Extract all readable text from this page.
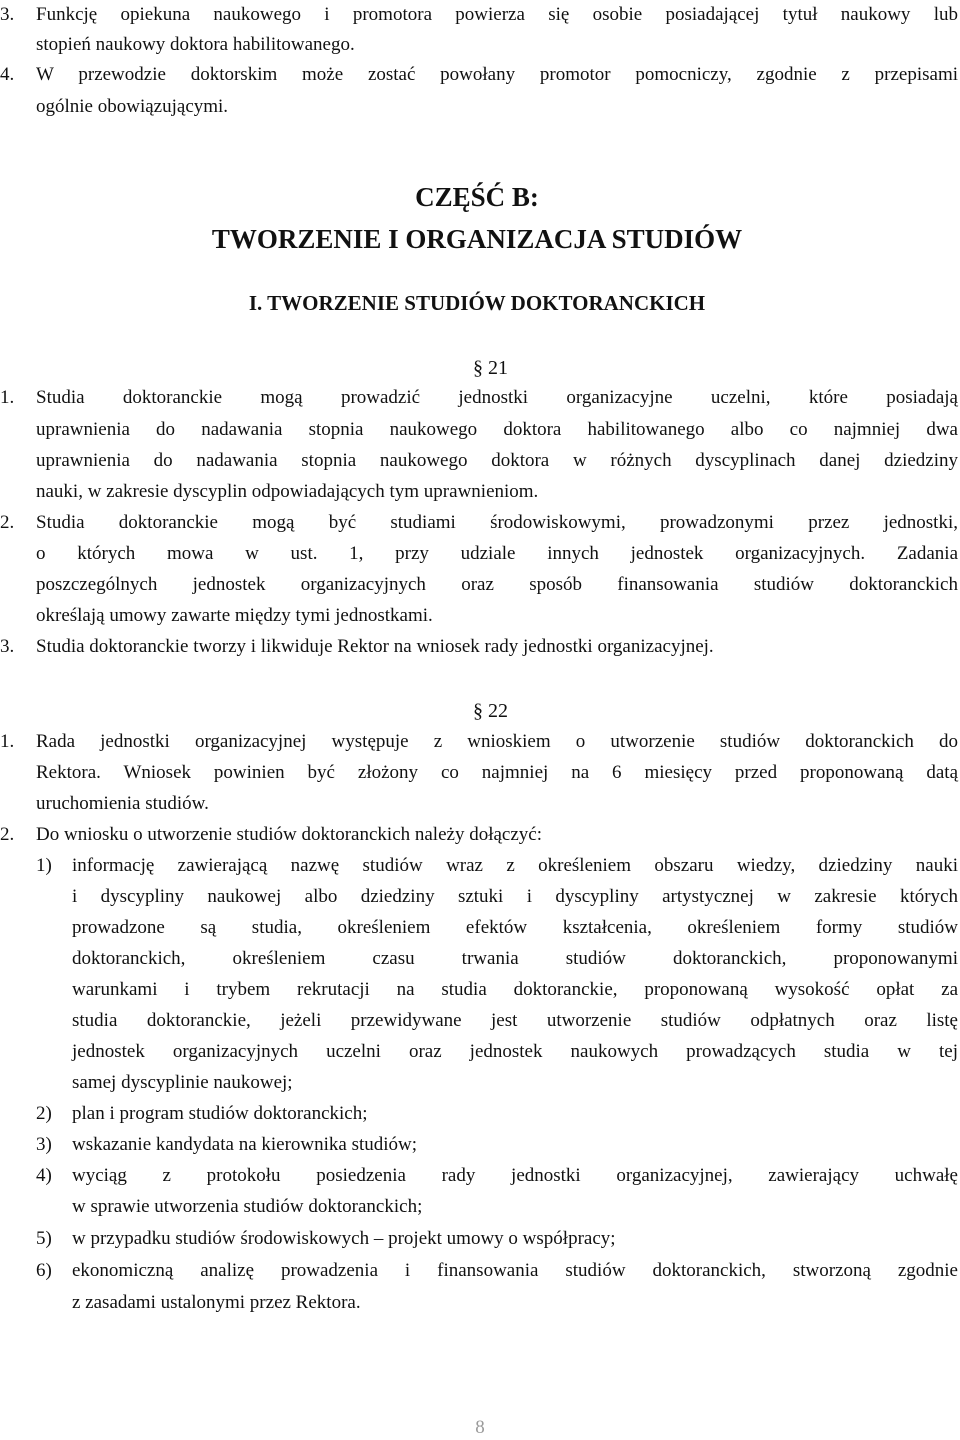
3.	Funkcję opiekuna naukowego i promotora powierza się osobie posiadającej tytuł naukowy lub
stopień naukowy doktora habilitowanego.
4.	W przewodzie doktorskim może zostać powołany promotor pomocniczy, zgodnie z przepisami
ogólnie obowiązującymi.
CZĘŚĆ B:
TWORZENIE I ORGANIZACJA STUDIÓW
I. TWORZENIE STUDIÓW DOKTORANCKICH
§ 21
1.	Studia doktoranckie mogą prowadzić jednostki organizacyjne uczelni, które posiadają
uprawnienia do nadawania stopnia naukowego doktora habilitowanego albo co najmniej dwa
uprawnienia do nadawania stopnia naukowego doktora w różnych dyscyplinach danej dziedziny
nauki, w zakresie dyscyplin odpowiadających tym uprawnieniom.
2.	Studia doktoranckie mogą być studiami środowiskowymi, prowadzonymi przez jednostki,
o których mowa w ust. 1, przy udziale innych jednostek organizacyjnych. Zadania
poszczególnych jednostek organizacyjnych oraz sposób finansowania studiów doktoranckich
określają umowy zawarte między tymi jednostkami.
3. Studia doktoranckie tworzy i likwiduje Rektor na wniosek rady jednostki organizacyjnej.
§ 22
1.	Rada jednostki organizacyjnej występuje z wnioskiem o utworzenie studiów doktoranckich do
Rektora. Wniosek powinien być złożony co najmniej na 6 miesięcy przed proponowaną datą
uruchomienia studiów.
2. Do wniosku o utworzenie studiów doktoranckich należy dołączyć:
1)	informację zawierającą nazwę studiów wraz z określeniem obszaru wiedzy, dziedziny nauki
i dyscypliny naukowej albo dziedziny sztuki i dyscypliny artystycznej w zakresie których
prowadzone są studia, określeniem efektów kształcenia, określeniem formy studiów
doktoranckich, określeniem czasu trwania studiów doktoranckich, proponowanymi
warunkami i trybem rekrutacji na studia doktoranckie, proponowaną wysokość opłat za
studia doktoranckie, jeżeli przewidywane jest utworzenie studiów odpłatnych oraz listę
jednostek organizacyjnych uczelni oraz jednostek naukowych prowadzących studia w tej
samej dyscyplinie naukowej;
2) plan i program studiów doktoranckich;
3) wskazanie kandydata na kierownika studiów;
4)	wyciąg z protokołu posiedzenia rady jednostki organizacyjnej, zawierający uchwałę
w sprawie utworzenia studiów doktoranckich;
5) w przypadku studiów środowiskowych – projekt umowy o współpracy;
6)	ekonomiczną analizę prowadzenia i finansowania studiów doktoranckich, stworzoną zgodnie
z zasadami ustalonymi przez Rektora.
8
